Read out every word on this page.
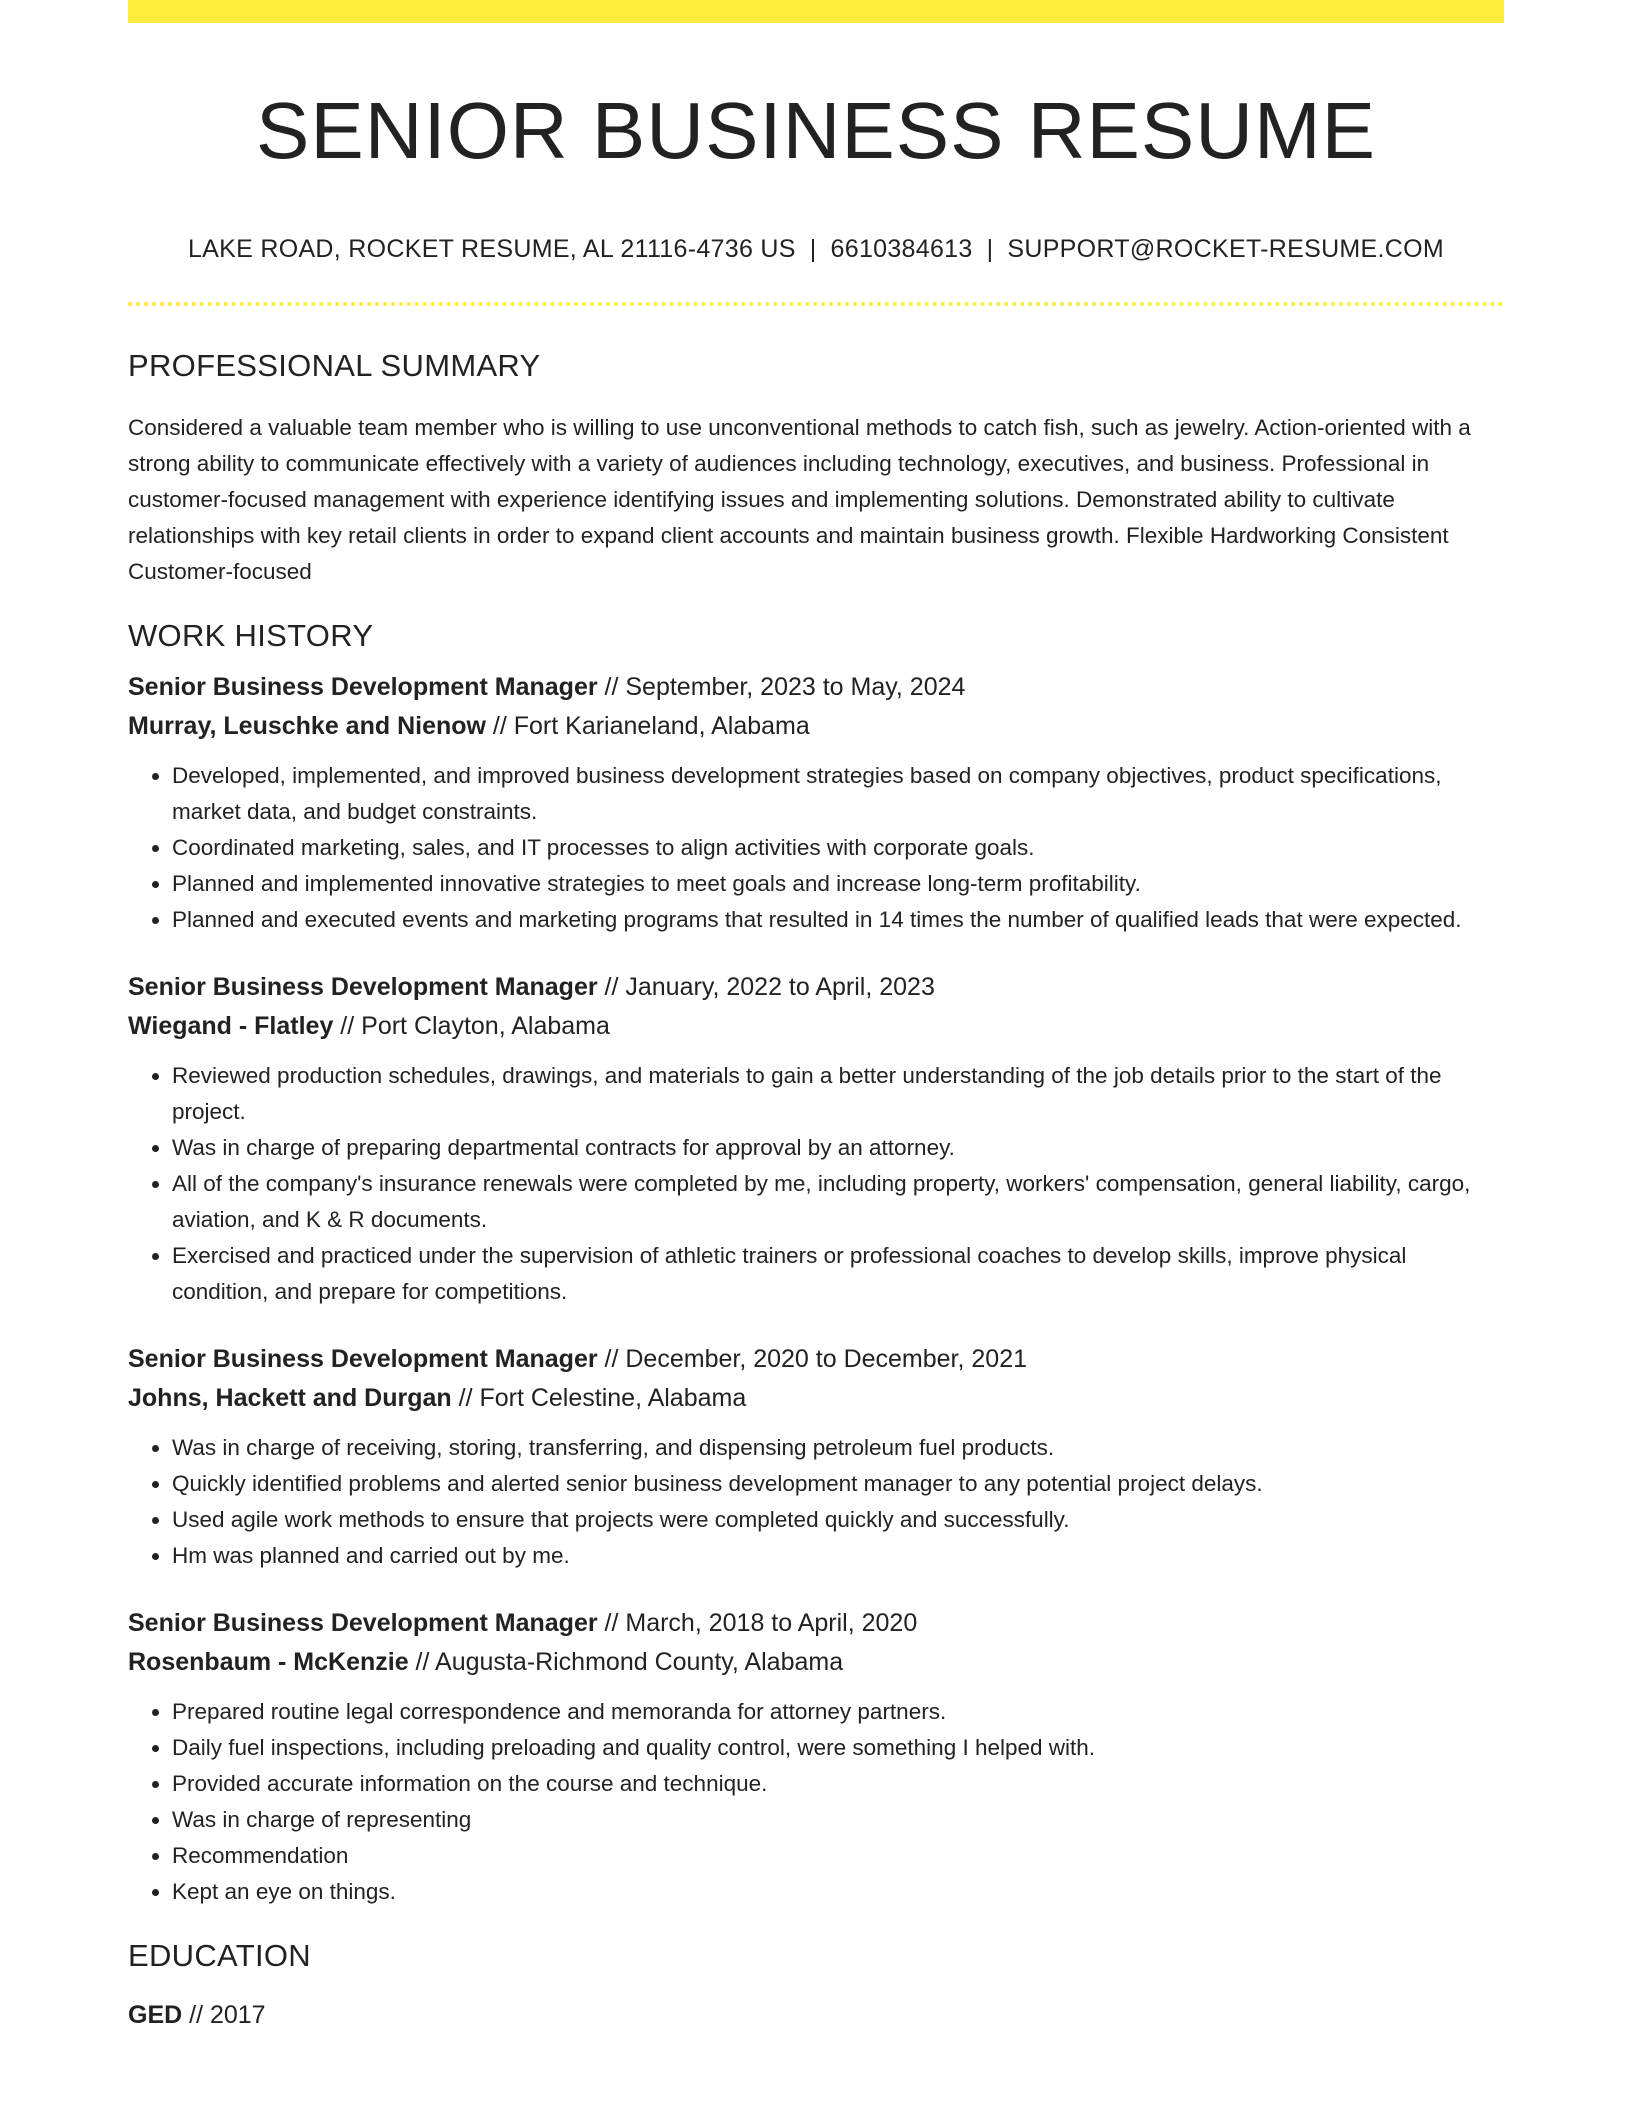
SENIOR BUSINESS RESUME
LAKE ROAD, ROCKET RESUME, AL 21116-4736 US | 6610384613 | SUPPORT@ROCKET-RESUME.COM
PROFESSIONAL SUMMARY

Considered a valuable team member who is willing to use unconventional methods to catch fish, such as jewelry. Action-oriented with a strong ability to communicate effectively with a variety of audiences including technology, executives, and business. Professional in customer-focused management with experience identifying issues and implementing solutions. Demonstrated ability to cultivate relationships with key retail clients in order to expand client accounts and maintain business growth. Flexible Hardworking Consistent Customer-focused

WORK HISTORY
Senior Business Development Manager // September, 2023 to May, 2024
Murray, Leuschke and Nienow // Fort Karianeland, Alabama
• Developed, implemented, and improved business development strategies based on company objectives, product specifications, market data, and budget constraints.
• Coordinated marketing, sales, and IT processes to align activities with corporate goals.
• Planned and implemented innovative strategies to meet goals and increase long-term profitability.
• Planned and executed events and marketing programs that resulted in 14 times the number of qualified leads that were expected.
Senior Business Development Manager // January, 2022 to April, 2023
Wiegand - Flatley // Port Clayton, Alabama
• Reviewed production schedules, drawings, and materials to gain a better understanding of the job details prior to the start of the project.
• Was in charge of preparing departmental contracts for approval by an attorney.
• All of the company's insurance renewals were completed by me, including property, workers' compensation, general liability, cargo, aviation, and K & R documents.
• Exercised and practiced under the supervision of athletic trainers or professional coaches to develop skills, improve physical condition, and prepare for competitions.
Senior Business Development Manager // December, 2020 to December, 2021
Johns, Hackett and Durgan // Fort Celestine, Alabama
• Was in charge of receiving, storing, transferring, and dispensing petroleum fuel products.
• Quickly identified problems and alerted senior business development manager to any potential project delays.
• Used agile work methods to ensure that projects were completed quickly and successfully.
• Hm was planned and carried out by me.
Senior Business Development Manager // March, 2018 to April, 2020
Rosenbaum - McKenzie // Augusta-Richmond County, Alabama
• Prepared routine legal correspondence and memoranda for attorney partners.
• Daily fuel inspections, including preloading and quality control, were something I helped with.
• Provided accurate information on the course and technique.
• Was in charge of representing
• Recommendation
• Kept an eye on things.
EDUCATION
GED // 2017
